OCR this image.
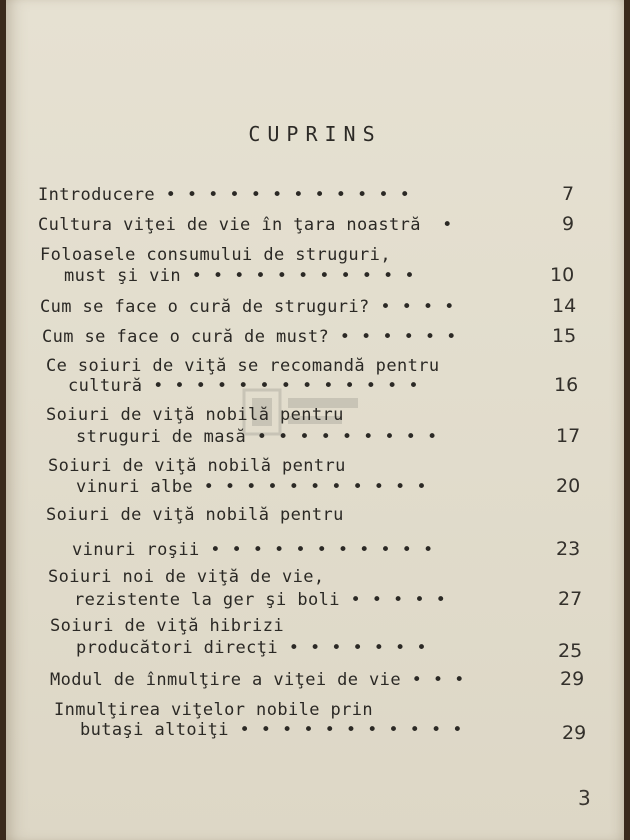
CUPRINS
Introducere • • • • • • • • • • • •	7
Cultura viţei de vie în ţara noastră  •	9
Foloasele consumului de struguri,
must şi vin • • • • • • • • • • •	10
Cum se face o cură de struguri? • • • •	14
Cum se face o cură de must? • • • • • •	15
Ce soiuri de viţă se recomandă pentru
cultură • • • • • • • • • • • • •	16
Soiuri de viţă nobilă pentru
struguri de masă • • • • • • • • •	17
Soiuri de viţă nobilă pentru
vinuri albe • • • • • • • • • • •	20
Soiuri de viţă nobilă pentru
vinuri roşii • • • • • • • • • • •	23
Soiuri noi de viţă de vie,
rezistente la ger şi boli • • • • •	27
Soiuri de viţă hibrizi
producători direcţi • • • • • • •	25
Modul de înmulţire a viţei de vie • • •	29
Inmulţirea viţelor nobile prin
butaşi altoiţi • • • • • • • • • • •	29
3
